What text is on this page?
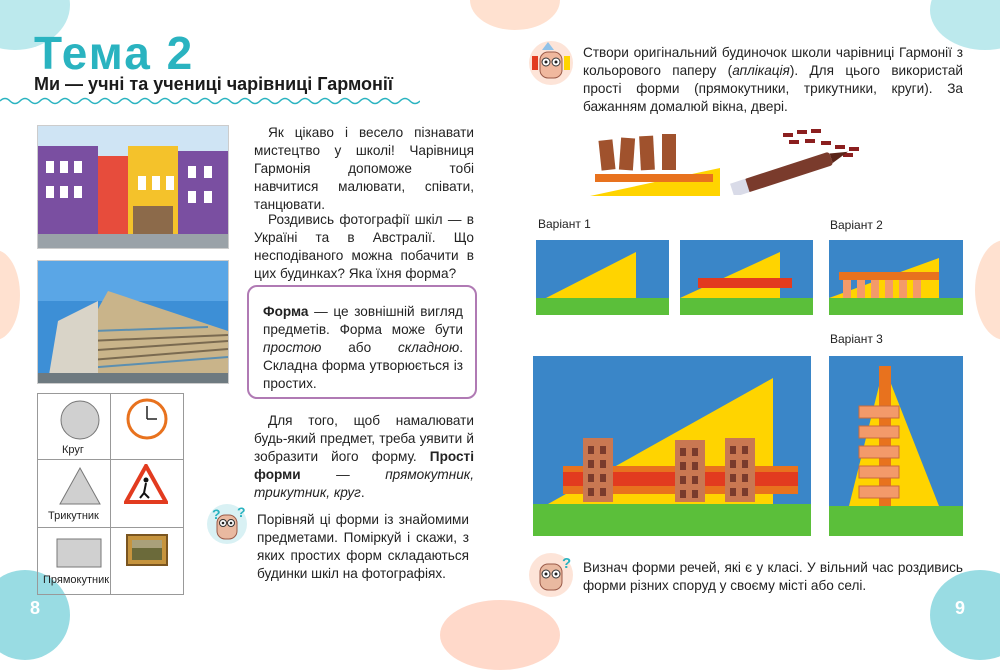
Тема 2
Ми — учні та учениці чарівниці Гармонії
Круг
Трикутник
Прямокутник
Як цікаво і весело пізнавати мистецтво у школі! Чарівниця Гармонія допоможе тобі навчитися малювати, співати, танцювати.
Роздивись фотографії шкіл — в Україні та в Австралії. Що несподіваного можна побачити в цих будинках? Яка їхня форма?
Форма — це зовнішній вигляд предметів. Форма може бути простою або складною. Складна форма утворюється із простих.
Для того, щоб намалювати будь-який предмет, треба уявити й зобразити його форму. Простi форми — прямокутник, трикутник, круг.
? ? Порівняй ці форми із знайомими предметами. Поміркуй і скажи, з яких простих форм складаються будинки шкіл на фотографіях.
8
Створи оригінальний будиночок школи чарівниці Гармонії з кольорового паперу (аплікація). Для цього використай прості форми (прямокутники, трикутники, круги). За бажанням домалюй вікна, двері.
Варіант 1	Варіант 2
Варіант 3
? Визнач форми речей, які є у класі. У вільний час роздивись форми різних споруд у своєму місті або селі.
9
